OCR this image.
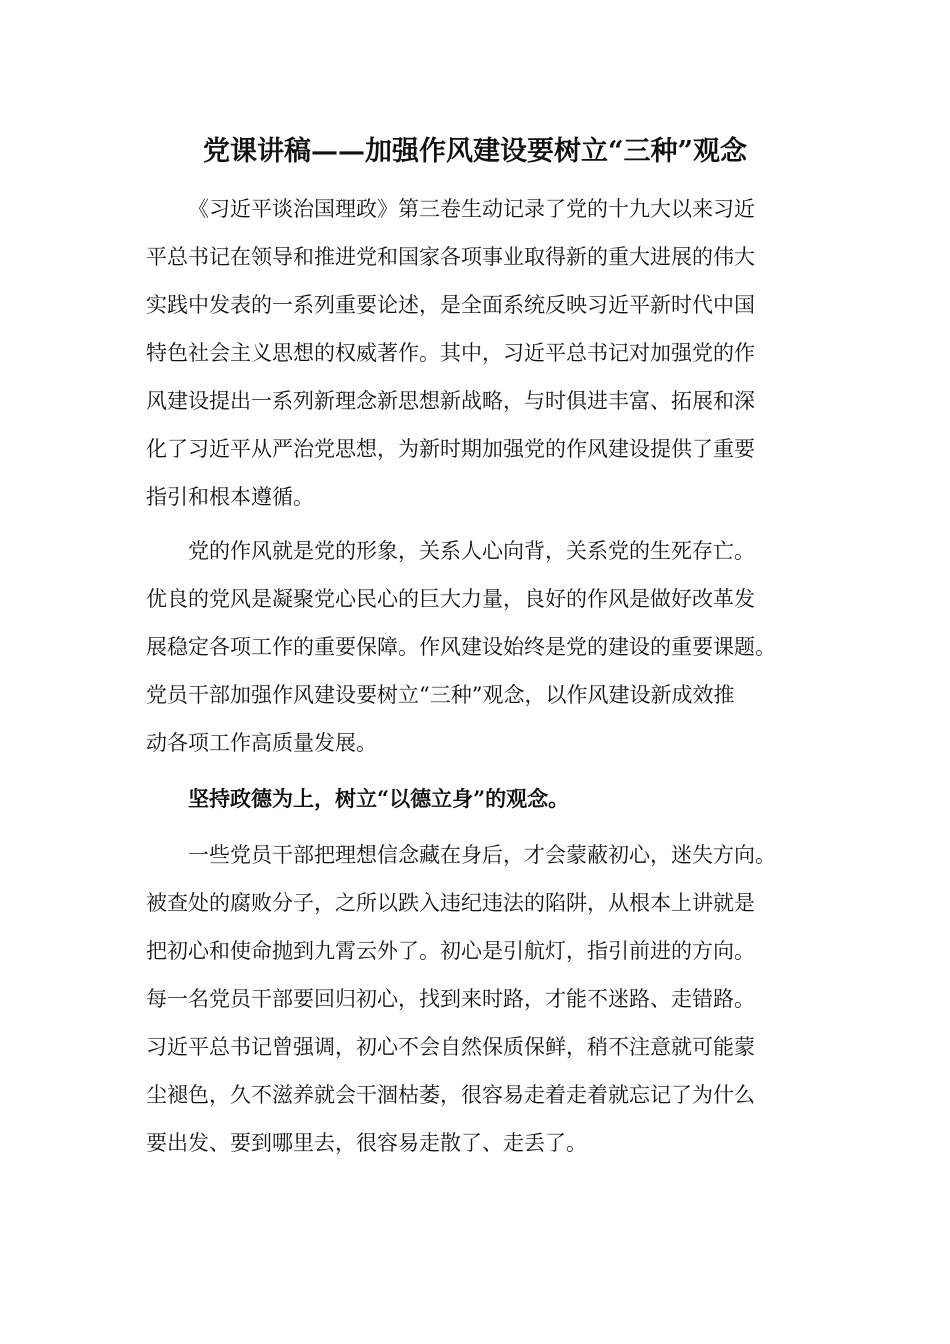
党课讲稿——加强作风建设要树立“三种”观念

《习近平谈治国理政》第三卷生动记录了党的十九大以来习近
平总书记在领导和推进党和国家各项事业取得新的重大进展的伟大
实践中发表的一系列重要论述，是全面系统反映习近平新时代中国
特色社会主义思想的权威著作。其中，习近平总书记对加强党的作
风建设提出一系列新理念新思想新战略，与时俱进丰富、拓展和深
化了习近平从严治党思想，为新时期加强党的作风建设提供了重要
指引和根本遵循。

党的作风就是党的形象，关系人心向背，关系党的生死存亡。
优良的党风是凝聚党心民心的巨大力量，良好的作风是做好改革发
展稳定各项工作的重要保障。作风建设始终是党的建设的重要课题。
党员干部加强作风建设要树立“三种”观念，以作风建设新成效推
动各项工作高质量发展。

坚持政德为上，树立“以德立身”的观念。

一些党员干部把理想信念藏在身后，才会蒙蔽初心，迷失方向。
被查处的腐败分子，之所以跌入违纪违法的陷阱，从根本上讲就是
把初心和使命抛到九霄云外了。初心是引航灯，指引前进的方向。
每一名党员干部要回归初心，找到来时路，才能不迷路、走错路。
习近平总书记曾强调，初心不会自然保质保鲜，稍不注意就可能蒙
尘褪色，久不滋养就会干涸枯萎，很容易走着走着就忘记了为什么
要出发、要到哪里去，很容易走散了、走丢了。
